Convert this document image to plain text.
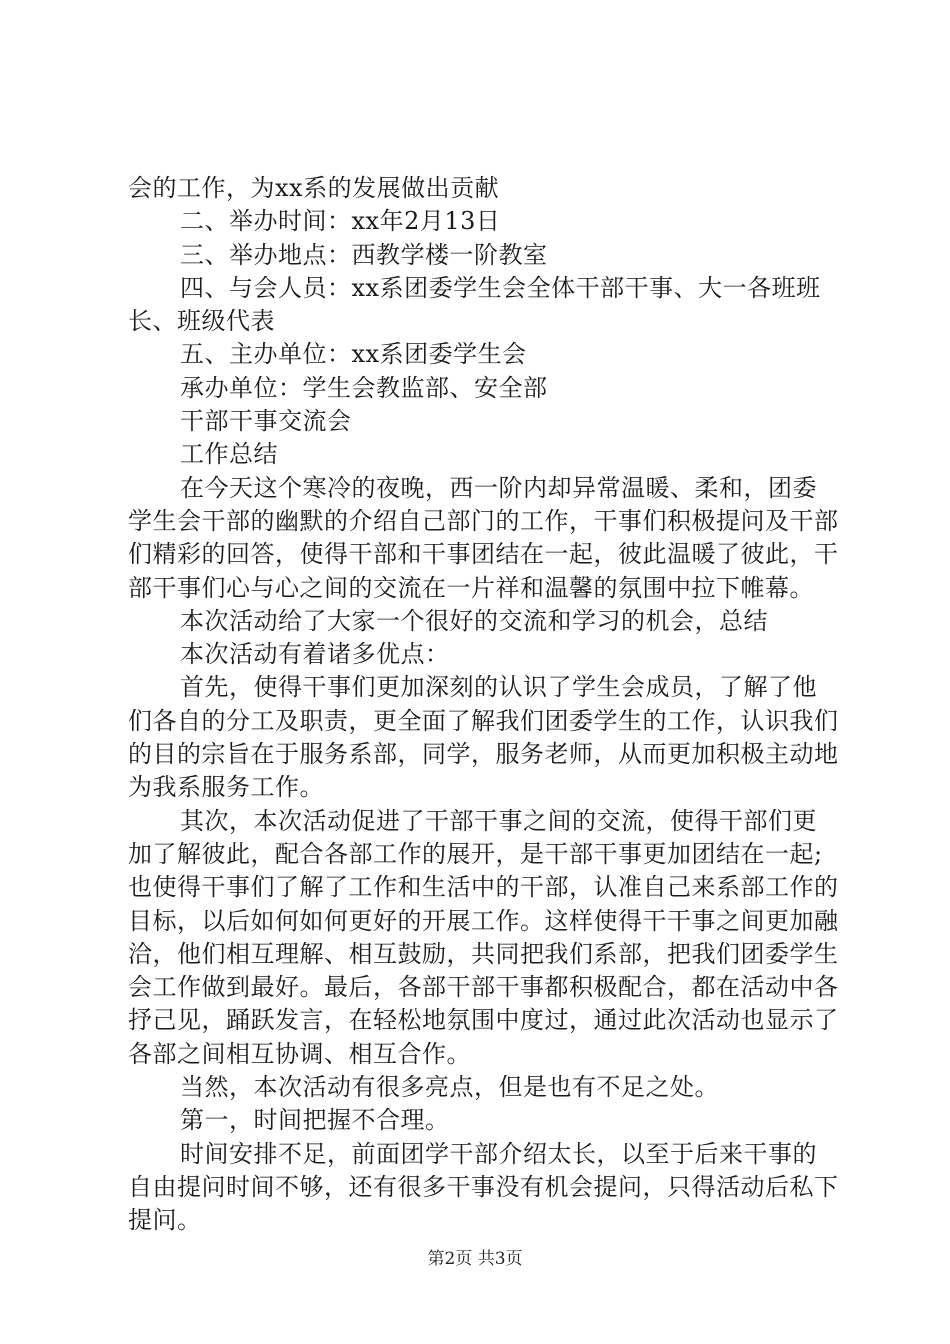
会的工作，为xx系的发展做出贡献

二、举办时间：xx年2月13日

三、举办地点：西教学楼一阶教室

四、与会人员：xx系团委学生会全体干部干事、大一各班班长、班级代表

五、主办单位：xx系团委学生会

承办单位：学生会教监部、安全部

干部干事交流会

工作总结

在今天这个寒冷的夜晚，西一阶内却异常温暖、柔和，团委学生会干部的幽默的介绍自己部门的工作，干事们积极提问及干部们精彩的回答，使得干部和干事团结在一起，彼此温暖了彼此，干部干事们心与心之间的交流在一片祥和温馨的氛围中拉下帷幕。

本次活动给了大家一个很好的交流和学习的机会，总结

本次活动有着诸多优点：

首先，使得干事们更加深刻的认识了学生会成员，了解了他们各自的分工及职责，更全面了解我们团委学生的工作，认识我们的目的宗旨在于服务系部，同学，服务老师，从而更加积极主动地为我系服务工作。

其次，本次活动促进了干部干事之间的交流，使得干部们更加了解彼此，配合各部工作的展开，是干部干事更加团结在一起;也使得干事们了解了工作和生活中的干部，认准自己来系部工作的目标，以后如何如何更好的开展工作。这样使得干干事之间更加融洽，他们相互理解、相互鼓励，共同把我们系部，把我们团委学生会工作做到最好。最后，各部干部干事都积极配合，都在活动中各抒己见，踊跃发言，在轻松地氛围中度过，通过此次活动也显示了各部之间相互协调、相互合作。

当然，本次活动有很多亮点，但是也有不足之处。

第一，时间把握不合理。

时间安排不足，前面团学干部介绍太长，以至于后来干事的自由提问时间不够，还有很多干事没有机会提问，只得活动后私下提问。

第2页 共3页
